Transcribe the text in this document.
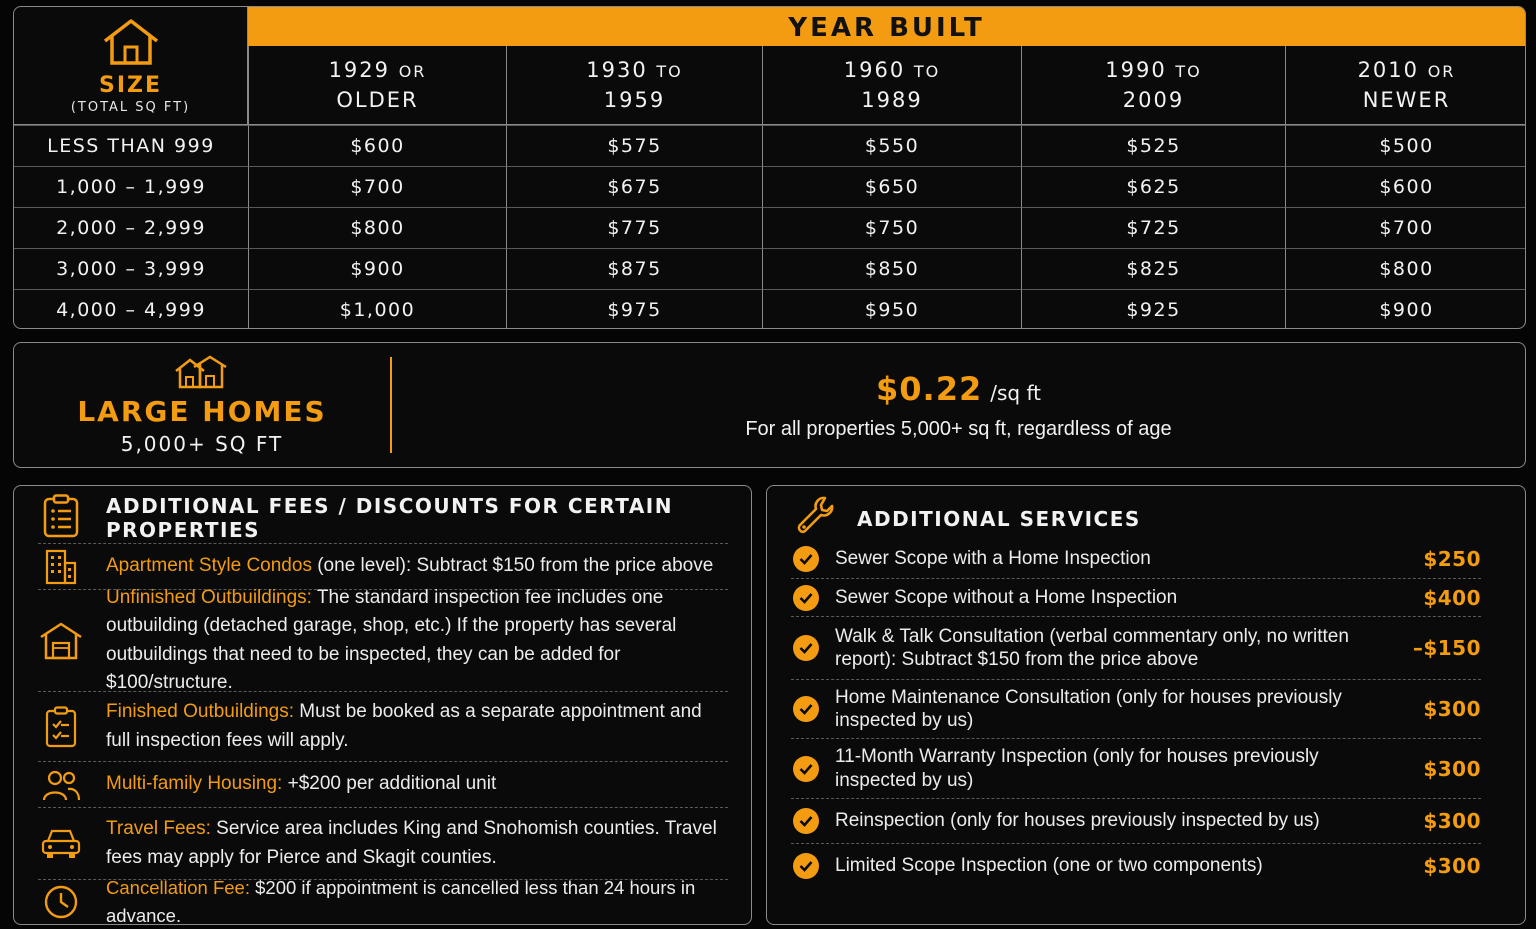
SIZE
(TOTAL SQ FT)
YEAR BUILT
1929 OR
OLDER
1930 TO
1959
1960 TO
1989
1990 TO
2009
2010 OR
NEWER
LESS THAN 999	$600	$575	$550	$525	$500
1,000 – 1,999	$700	$675	$650	$625	$600
2,000 – 2,999	$800	$775	$750	$725	$700
3,000 – 3,999	$900	$875	$850	$825	$800
4,000 – 4,999	$1,000	$975	$950	$925	$900
LARGE HOMES
5,000+ SQ FT
$0.22 /sq ft
For all properties 5,000+ sq ft, regardless of age
ADDITIONAL FEES / DISCOUNTS FOR CERTAIN PROPERTIES
Apartment Style Condos (one level): Subtract $150 from the price above
Unfinished Outbuildings: The standard inspection fee includes one outbuilding (detached garage, shop, etc.) If the property has several outbuildings that need to be inspected, they can be added for $100/structure.
Finished Outbuildings: Must be booked as a separate appointment and full inspection fees will apply.
Multi-family Housing: +$200 per additional unit
Travel Fees: Service area includes King and Snohomish counties. Travel fees may apply for Pierce and Skagit counties.
Cancellation Fee: $200 if appointment is cancelled less than 24 hours in advance.
ADDITIONAL SERVICES
Sewer Scope with a Home Inspection	$250
Sewer Scope without a Home Inspection	$400
Walk & Talk Consultation (verbal commentary only, no written report): Subtract $150 from the price above	–$150
Home Maintenance Consultation (only for houses previously inspected by us)	$300
11-Month Warranty Inspection (only for houses previously inspected by us)	$300
Reinspection (only for houses previously inspected by us)	$300
Limited Scope Inspection (one or two components)	$300
